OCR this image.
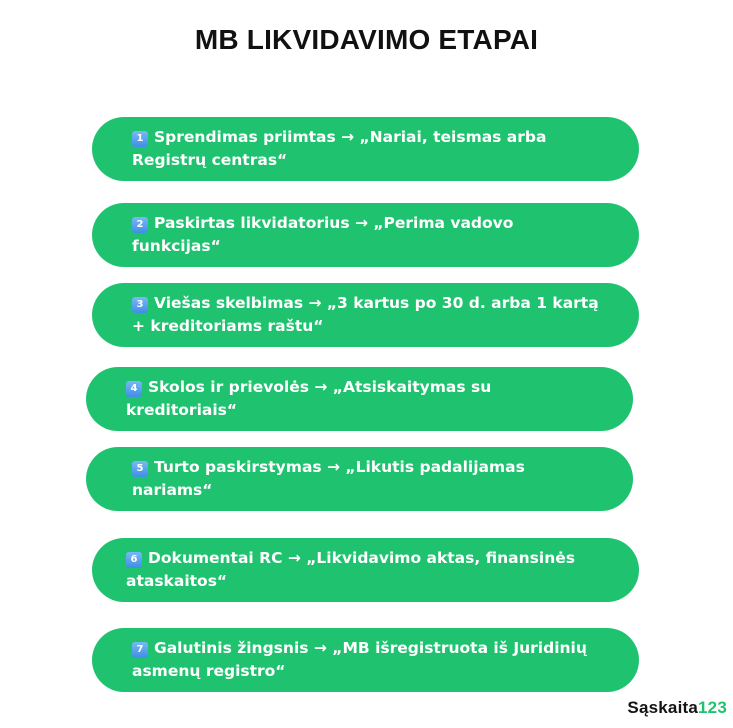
MB LIKVIDAVIMO ETAPAI
1 Sprendimas priimtas → „Nariai, teismas arba
Registrų centras“
2 Paskirtas likvidatorius → „Perima vadovo
funkcijas“
3 Viešas skelbimas → „3 kartus po 30 d. arba 1 kartą
+ kreditoriams raštu“
4 Skolos ir prievolės → „Atsiskaitymas su
kreditoriais“
5 Turto paskirstymas → „Likutis padalijamas
nariams“
6 Dokumentai RC → „Likvidavimo aktas, finansinės
ataskaitos“
7 Galutinis žingsnis → „MB išregistruota iš Juridinių
asmenų registro“
Sąskaita123
